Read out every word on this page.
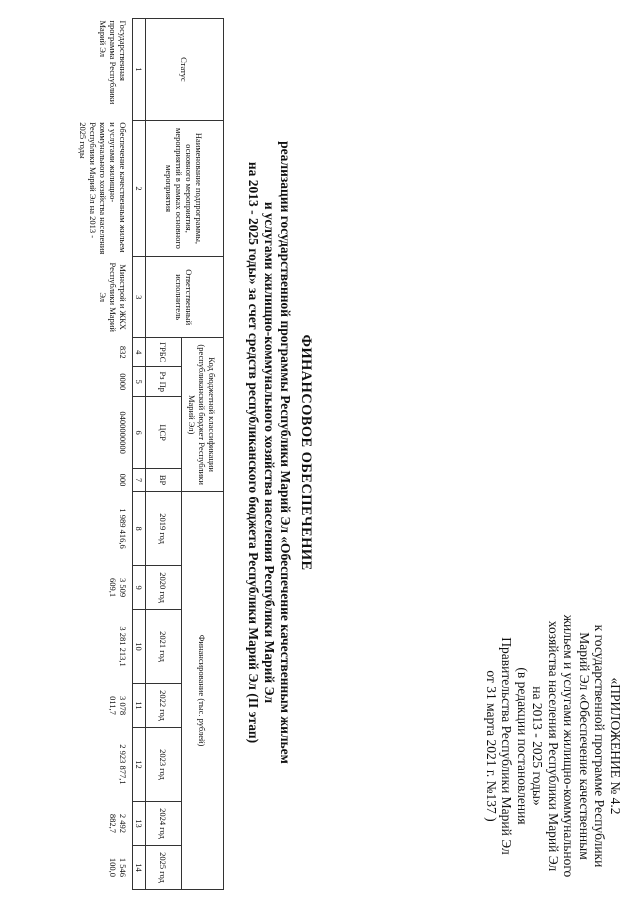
«ПРИЛОЖЕНИЕ № 4.2
к государственной программе Республики
Марий Эл «Обеспечение качественным
жильем и услугами жилищно-коммунального
хозяйства населения Республики Марий Эл
на 2013 - 2025 годы»
(в редакции постановления
Правительства Республики Марий Эл
от 31 марта 2021 г. №137 )
ФИНАНСОВОЕ ОБЕСПЕЧЕНИЕ
реализации государственной программы Республики Марий Эл «Обеспечение качественным жильем
и услугами жилищно-коммунального хозяйства населения Республики Марий Эл
на 2013 - 2025 годы» за счет средств республиканского бюджета Республики Марий Эл (II этап)
Статус	Наименование подпрограммы, основного мероприятия, мероприятий в рамках основного мероприятия	Ответственный исполнитель	Код бюджетной классификации (республиканский бюджет Республики Марий Эл)				Финансирование (тыс. рублей)						
			ГРБС	Рз Пр	ЦСР	ВР	2019 год	2020 год	2021 год	2022 год	2023 год	2024 год	2025 год

1	2	3	4	5	6	7	8	9	10	11	12	13	14
Государственная программа Республики Марий Эл	Обеспечение качественным жильем и услугами жилищно-коммунального хозяйства населения Республики Марий Эл на 2013 - 2025 годы	Минстрой и ЖКХ Республики Марий Эл	832	0000	0400000000	000	1 989 416,6	3 509 609,1	3 281 213,1	3 078 011,7	2 923 877,1	2 492 882,7	1 546 100,0
